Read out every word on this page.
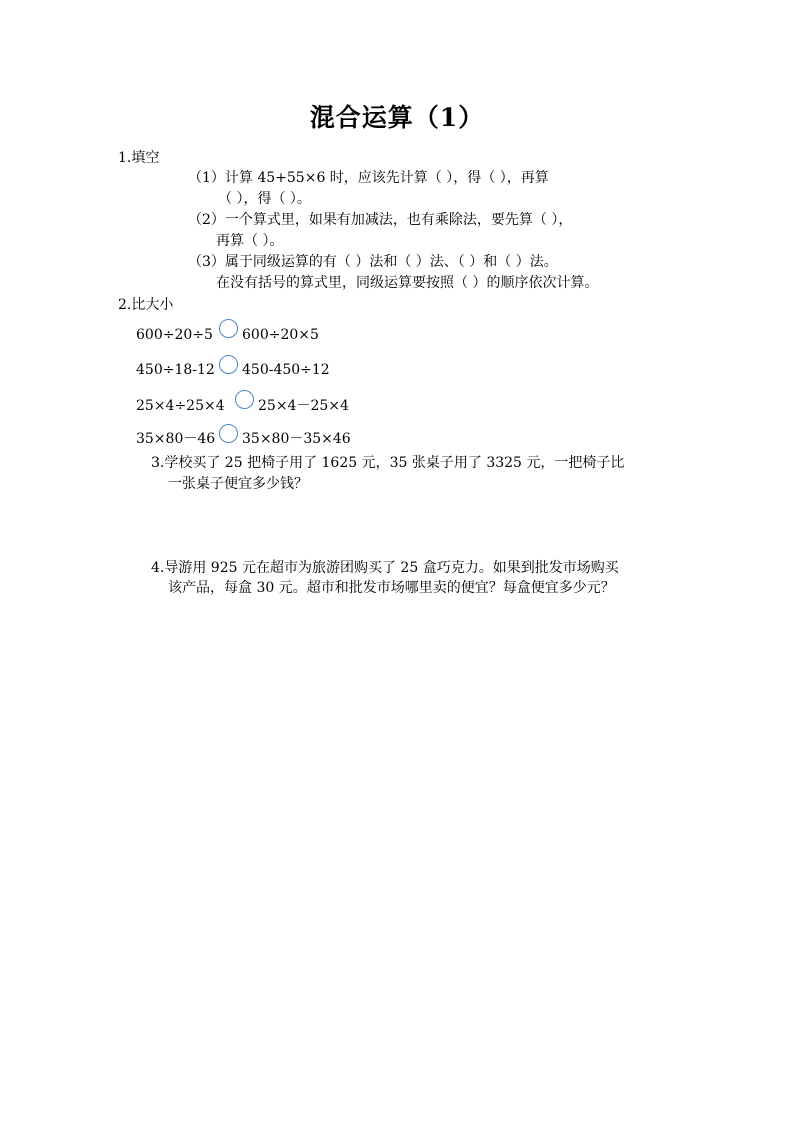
混合运算（1）
1.填空
（1）计算 45+55×6 时，应该先计算（ ），得（ ），再算
（ ），得（ ）。
（2）一个算式里，如果有加减法，也有乘除法，要先算（ ），
再算（ ）。
（3）属于同级运算的有（ ）法和（ ）法、（ ）和（ ）法。
在没有括号的算式里，同级运算要按照（ ）的顺序依次计算。
2.比大小
600÷20÷5 600÷20×5
450÷18-12 450-450÷12
25×4÷25×4 25×4－25×4
35×80－46 35×80－35×46
3.学校买了 25 把椅子用了 1625 元，35 张桌子用了 3325 元，一把椅子比
一张桌子便宜多少钱？
4.导游用 925 元在超市为旅游团购买了 25 盒巧克力。如果到批发市场购买
该产品，每盒 30 元。超市和批发市场哪里卖的便宜？每盒便宜多少元？
